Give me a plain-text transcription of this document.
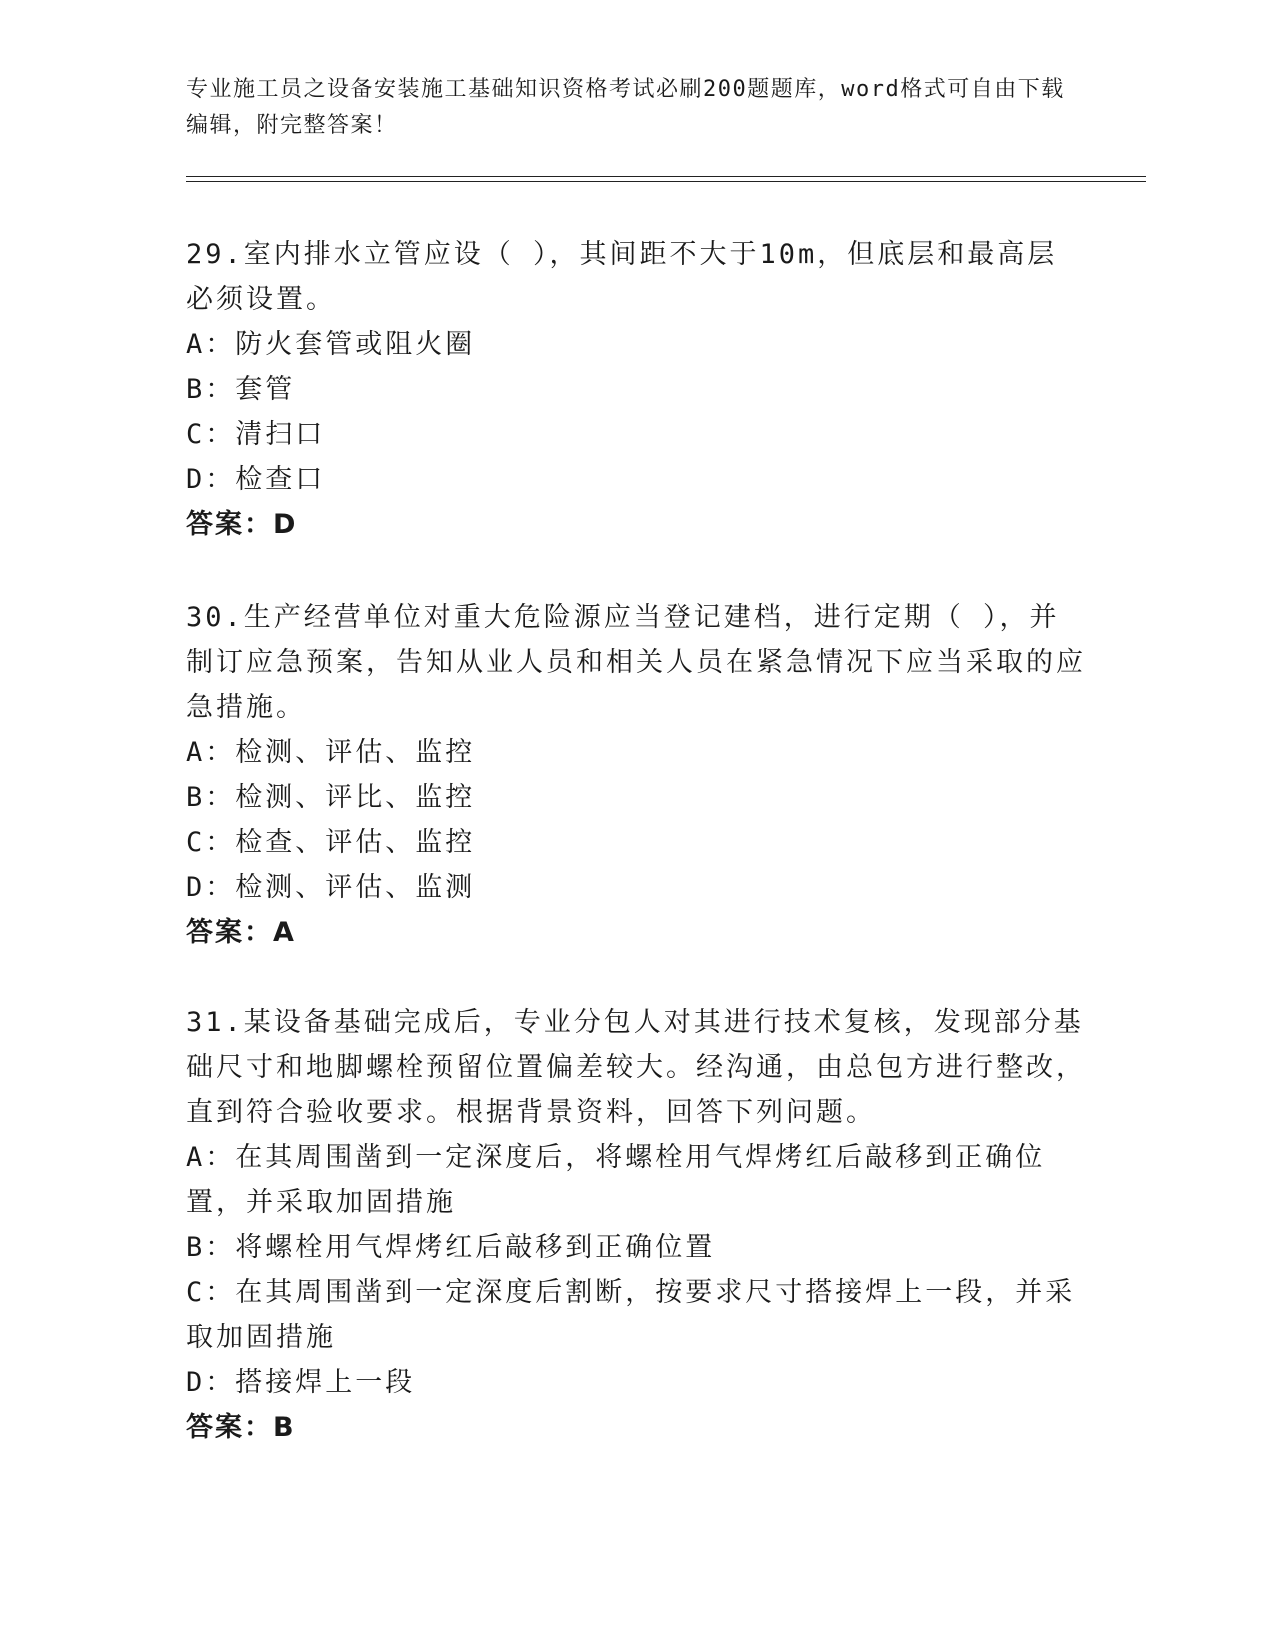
专业施工员之设备安装施工基础知识资格考试必刷200题题库，word格式可自由下载编辑，附完整答案！

29.室内排水立管应设（ ），其间距不大于10m，但底层和最高层必须设置。

A：防火套管或阻火圈

B：套管

C：清扫口

D：检查口

答案：D

30.生产经营单位对重大危险源应当登记建档，进行定期（ ），并制订应急预案，告知从业人员和相关人员在紧急情况下应当采取的应急措施。

A：检测、评估、监控

B：检测、评比、监控

C：检查、评估、监控

D：检测、评估、监测

答案：A

31.某设备基础完成后，专业分包人对其进行技术复核，发现部分基础尺寸和地脚螺栓预留位置偏差较大。经沟通，由总包方进行整改，直到符合验收要求。根据背景资料，回答下列问题。

A：在其周围凿到一定深度后，将螺栓用气焊烤红后敲移到正确位置，并采取加固措施

B：将螺栓用气焊烤红后敲移到正确位置

C：在其周围凿到一定深度后割断，按要求尺寸搭接焊上一段，并采取加固措施

D：搭接焊上一段

答案：B
